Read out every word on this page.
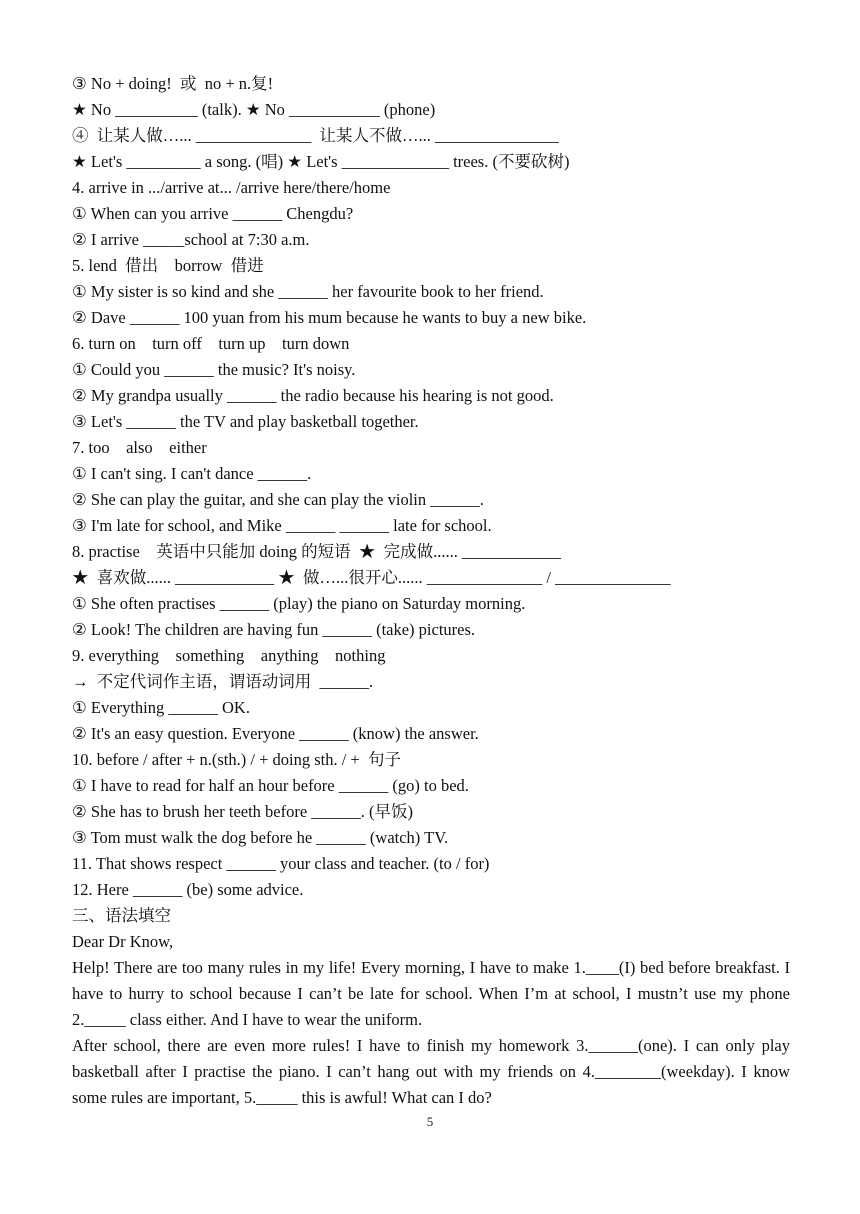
③ No + doing!  或  no + n.复!
★ No __________ (talk). ★ No ___________ (phone)
④  让某人做…... ______________  让某人不做…... _______________
★ Let's _________ a song. (唱) ★ Let's _____________ trees. (不要砍树)
4. arrive in .../arrive at... /arrive here/there/home
① When can you arrive ______ Chengdu?
② I arrive _____school at 7:30 a.m.
5. lend  借出    borrow  借进
① My sister is so kind and she ______ her favourite book to her friend.
② Dave ______ 100 yuan from his mum because he wants to buy a new bike.
6. turn on    turn off    turn up    turn down
① Could you ______ the music? It's noisy.
② My grandpa usually ______ the radio because his hearing is not good.
③ Let's ______ the TV and play basketball together.
7. too    also    either
① I can't sing. I can't dance ______.
② She can play the guitar, and she can play the violin ______.
③ I'm late for school, and Mike ______ ______ late for school.
8. practise    英语中只能加 doing 的短语  ★  完成做...... ____________
★  喜欢做...... ____________ ★  做…...很开心...... ______________ / ______________
① She often practises ______ (play) the piano on Saturday morning.
② Look! The children are having fun ______ (take) pictures.
9. everything    something    anything    nothing
→  不定代词作主语，谓语动词用  ______.
① Everything ______ OK.
② It's an easy question. Everyone ______ (know) the answer.
10. before / after + n.(sth.) / + doing sth. / +  句子
① I have to read for half an hour before ______ (go) to bed.
② She has to brush her teeth before ______. (早饭)
③ Tom must walk the dog before he ______ (watch) TV.
11. That shows respect ______ your class and teacher. (to / for)
12. Here ______ (be) some advice.
三、语法填空
Dear Dr Know,
Help! There are too many rules in my life! Every morning, I have to make 1.____(I) bed before breakfast. I have to hurry to school because I can’t be late for school. When I’m at school, I mustn’t use my phone 2._____ class either. And I have to wear the uniform.
After school, there are even more rules! I have to finish my homework 3.______(one). I can only play basketball after I practise the piano. I can’t hang out with my friends on 4.________(weekday). I know some rules are important, 5._____ this is awful! What can I do?
5
